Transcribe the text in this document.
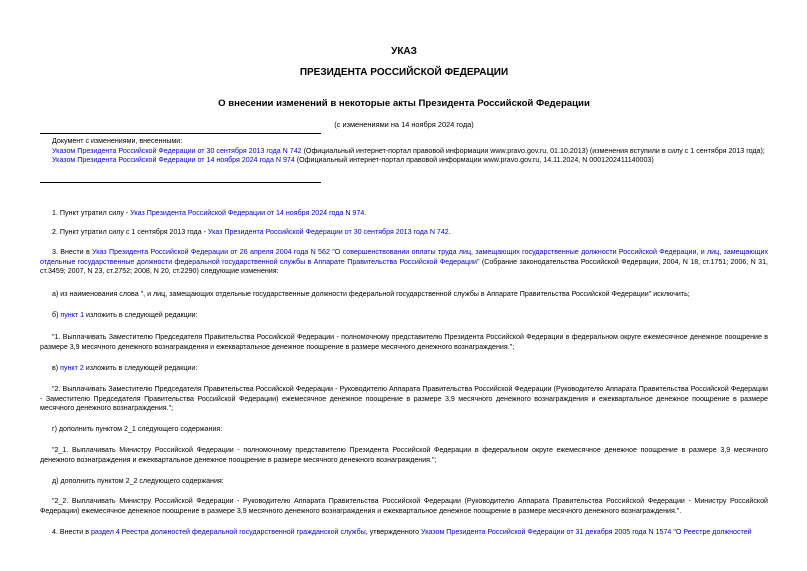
УКАЗ
ПРЕЗИДЕНТА РОССИЙСКОЙ ФЕДЕРАЦИИ
О внесении изменений в некоторые акты Президента Российской Федерации
(с изменениями на 14 ноября 2024 года)
Документ с изменениями, внесенными:
Указом Президента Российской Федерации от 30 сентября 2013 года N 742 (Официальный интернет-портал правовой информации www.pravo.gov.ru, 01.10.2013) (изменения вступили в силу с 1 сентября 2013 года);
Указом Президента Российской Федерации от 14 ноября 2024 года N 974 (Официальный интернет-портал правовой информации www.pravo.gov.ru, 14.11.2024, N 0001202411140003)
1. Пункт утратил силу - Указ Президента Российской Федерации от 14 ноября 2024 года N 974.
2. Пункт утратил силу с 1 сентября 2013 года - Указ Президента Российской Федерации от 30 сентября 2013 года N 742.
3. Внести в Указ Президента Российской Федерации от 26 апреля 2004 года N 562 "О совершенствовании оплаты труда лиц, замещающих государственные должности Российской Федерации, и лиц, замещающих отдельные государственные должности федеральной государственной службы в Аппарате Правительства Российской Федерации" (Собрание законодательства Российской Федерации, 2004, N 18, ст.1751; 2006, N 31, ст.3459; 2007, N 23, ст.2752; 2008, N 20, ст.2290) следующие изменения:
а) из наименования слова ", и лиц, замещающих отдельные государственные должности федеральной государственной службы в Аппарате Правительства Российской Федерации" исключить;
б) пункт 1 изложить в следующей редакции:
"1. Выплачивать Заместителю Председателя Правительства Российской Федерации - полномочному представителю Президента Российской Федерации в федеральном округе ежемесячное денежное поощрение в размере 3,9 месячного денежного вознаграждения и ежеквартальное денежное поощрение в размере месячного денежного вознаграждения.";
в) пункт 2 изложить в следующей редакции:
"2. Выплачивать Заместителю Председателя Правительства Российской Федерации - Руководителю Аппарата Правительства Российской Федерации (Руководителю Аппарата Правительства Российской Федерации - Заместителю Председателя Правительства Российской Федерации) ежемесячное денежное поощрение в размере 3,9 месячного денежного вознаграждения и ежеквартальное денежное поощрение в размере месячного денежного вознаграждения.";
г) дополнить пунктом 2_1 следующего содержания:
"2_1. Выплачивать Министру Российской Федерации - полномочному представителю Президента Российской Федерации в федеральном округе ежемесячное денежное поощрение в размере 3,9 месячного денежного вознаграждения и ежеквартальное денежное поощрение в размере месячного денежного вознаграждения.";
д) дополнить пунктом 2_2 следующего содержания:
"2_2. Выплачивать Министру Российской Федерации - Руководителю Аппарата Правительства Российской Федерации (Руководителю Аппарата Правительства Российской Федерации - Министру Российской Федерации) ежемесячное денежное поощрение в размере 3,9 месячного денежного вознаграждения и ежеквартальное денежное поощрение в размере месячного денежного вознаграждения.".
4. Внести в раздел 4 Реестра должностей федеральной государственной гражданской службы, утвержденного Указом Президента Российской Федерации от 31 декабря 2005 года N 1574 "О Реестре должностей
